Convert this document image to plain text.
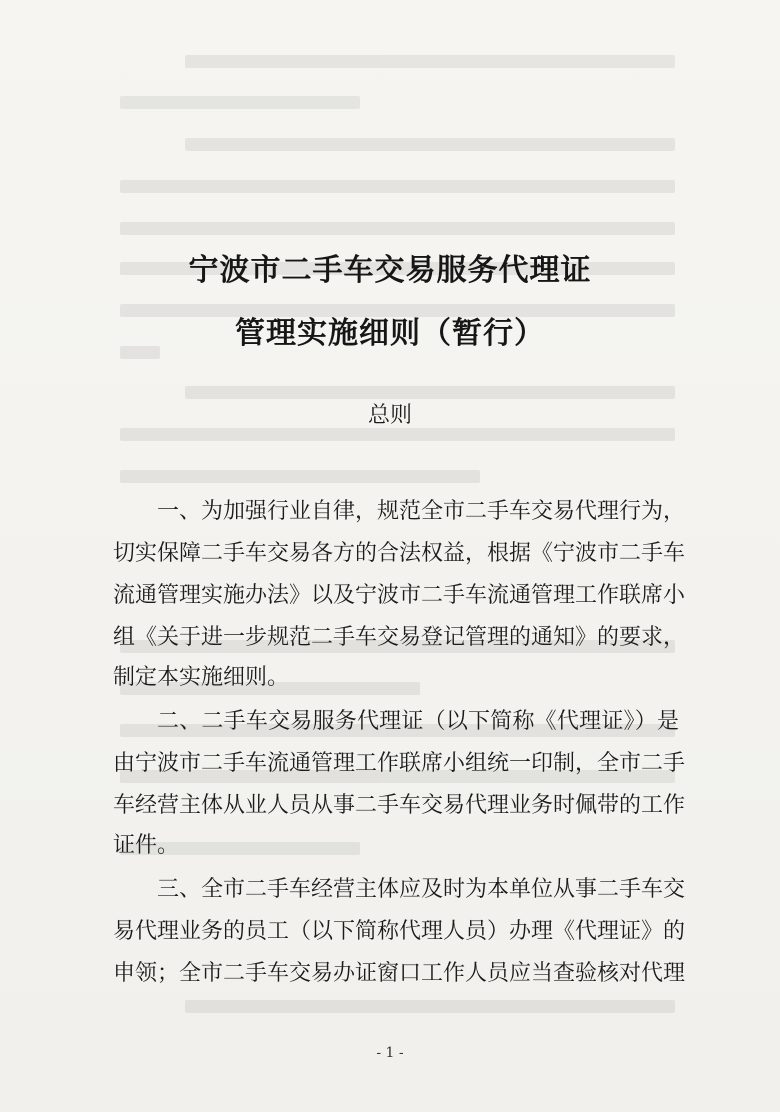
宁波市二手车交易服务代理证
管理实施细则（暂行）
总则
一、为加强行业自律，规范全市二手车交易代理行为，
切实保障二手车交易各方的合法权益，根据《宁波市二手车
流通管理实施办法》以及宁波市二手车流通管理工作联席小
组《关于进一步规范二手车交易登记管理的通知》的要求，
制定本实施细则。
二、二手车交易服务代理证（以下简称《代理证》）是
由宁波市二手车流通管理工作联席小组统一印制，全市二手
车经营主体从业人员从事二手车交易代理业务时佩带的工作
证件。
三、全市二手车经营主体应及时为本单位从事二手车交
易代理业务的员工（以下简称代理人员）办理《代理证》的
申领；全市二手车交易办证窗口工作人员应当查验核对代理
- 1 -
